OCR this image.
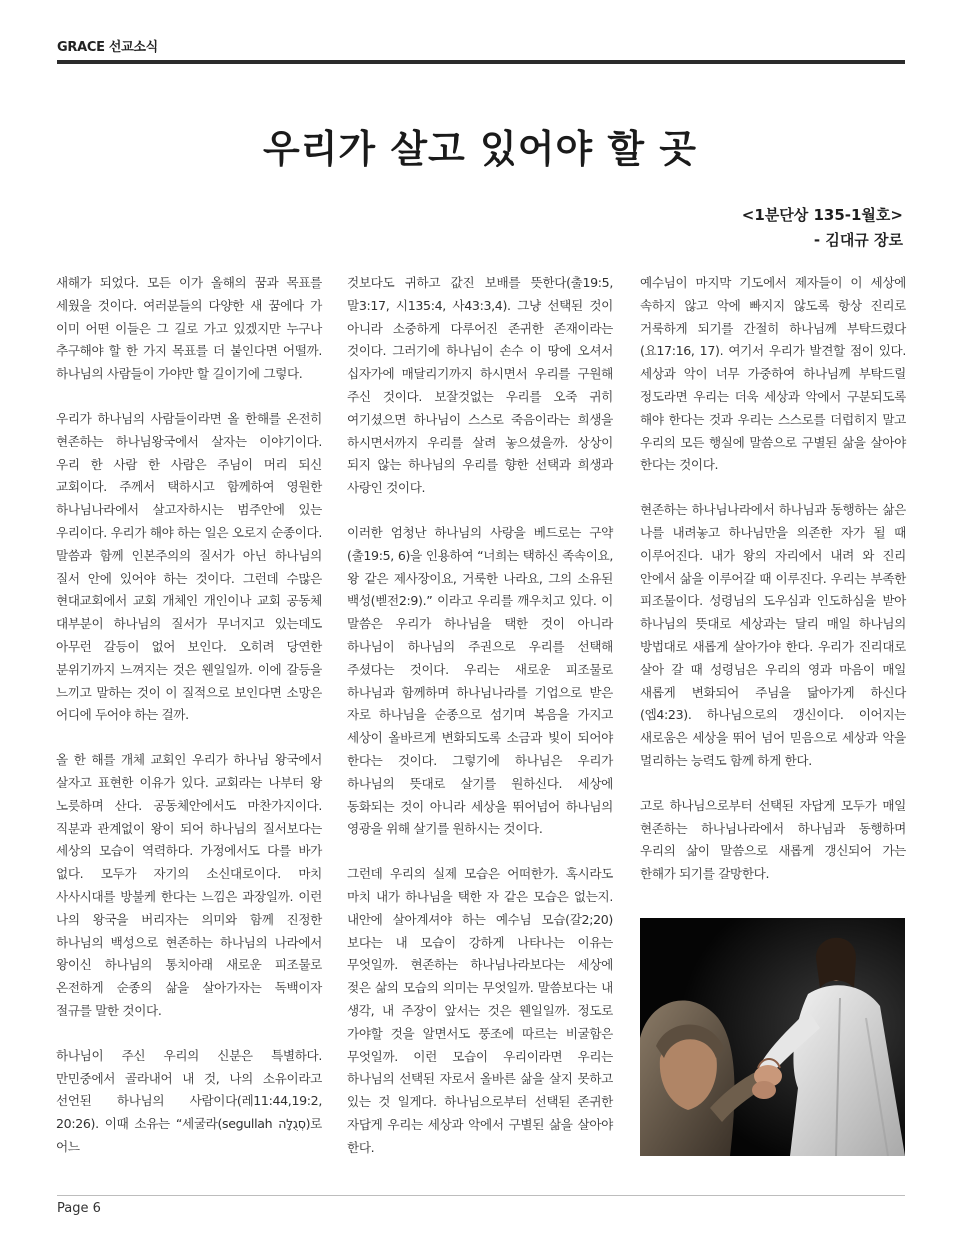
GRACE 선교소식
우리가 살고 있어야 할 곳
<1분단상 135-1월호>
- 김대규 장로

새해가 되었다. 모든 이가 올해의 꿈과 목표를 세웠을 것이다. 여러분들의 다양한 새 꿈에다 가 이미 어떤 이들은 그 길로 가고 있겠지만 누구나 추구해야 할 한 가지 목표를 더 붙인다면 어떨까. 하나님의 사람들이 가야만 할 길이기에 그렇다.

우리가 하나님의 사람들이라면 올 한해를 온전히 현존하는 하나님왕국에서 살자는 이야기이다. 우리 한 사람 한 사람은 주님이 머리 되신 교회이다. 주께서 택하시고 함께하여 영원한 하나님나라에서 살고자하시는 범주안에 있는 우리이다. 우리가 해야 하는 일은 오로지 순종이다. 말씀과 함께 인본주의의 질서가 아닌 하나님의 질서 안에 있어야 하는 것이다. 그런데 수많은 현대교회에서 교회 개체인 개인이나 교회 공동체 대부분이 하나님의 질서가 무너지고 있는데도 아무런 갈등이 없어 보인다. 오히려 당연한 분위기까지 느껴지는 것은 웬일일까. 이에 갈등을 느끼고 말하는 것이 이 질적으로 보인다면 소망은 어디에 두어야 하는 걸까.

올 한 해를 개체 교회인 우리가 하나님 왕국에서 살자고 표현한 이유가 있다. 교회라는 나부터 왕 노릇하며 산다. 공동체안에서도 마찬가지이다. 직분과 관계없이 왕이 되어 하나님의 질서보다는 세상의 모습이 역력하다. 가정에서도 다를 바가 없다. 모두가 자기의 소신대로이다. 마치 사사시대를 방불케 한다는 느낌은 과장일까. 이런 나의 왕국을 버리자는 의미와 함께 진정한 하나님의 백성으로 현존하는 하나님의 나라에서 왕이신 하나님의 통치아래 새로운 피조물로 온전하게 순종의 삶을 살아가자는 독백이자 절규를 말한 것이다.

하나님이 주신 우리의 신분은 특별하다. 만민중에서 골라내어 내 것, 나의 소유이라고 선언된 하나님의 사람이다(레11:44,19:2, 20:26). 이때 소유는 “세굴라(segullah סְגֻלָּה)로 어느

것보다도 귀하고 값진 보배를 뜻한다(출19:5, 말3:17, 시135:4, 사43:3,4). 그냥 선택된 것이 아니라 소중하게 다루어진 존귀한 존재이라는 것이다. 그러기에 하나님이 손수 이 땅에 오셔서 십자가에 매달리기까지 하시면서 우리를 구원해 주신 것이다. 보잘것없는 우리를 오죽 귀히 여기셨으면 하나님이 스스로 죽음이라는 희생을 하시면서까지 우리를 살려 놓으셨을까. 상상이 되지 않는 하나님의 우리를 향한 선택과 희생과 사랑인 것이다.

이러한 엄청난 하나님의 사랑을 베드로는 구약(출19:5, 6)을 인용하여 “너희는 택하신 족속이요, 왕 같은 제사장이요, 거룩한 나라요, 그의 소유된 백성(벧전2:9).” 이라고 우리를 깨우치고 있다. 이 말씀은 우리가 하나님을 택한 것이 아니라 하나님이 하나님의 주권으로 우리를 선택해 주셨다는 것이다. 우리는 새로운 피조물로 하나님과 함께하며 하나님나라를 기업으로 받은 자로 하나님을 순종으로 섬기며 복음을 가지고 세상이 올바르게 변화되도록 소금과 빛이 되어야 한다는 것이다. 그렇기에 하나님은 우리가 하나님의 뜻대로 살기를 원하신다. 세상에 동화되는 것이 아니라 세상을 뛰어넘어 하나님의 영광을 위해 살기를 원하시는 것이다.

그런데 우리의 실제 모습은 어떠한가. 혹시라도 마치 내가 하나님을 택한 자 같은 모습은 없는지. 내안에 살아계셔야 하는 예수님 모습(갈2;20)보다는 내 모습이 강하게 나타나는 이유는 무엇일까. 현존하는 하나님나라보다는 세상에 젖은 삶의 모습의 의미는 무엇일까. 말씀보다는 내 생각, 내 주장이 앞서는 것은 웬일일까. 정도로 가야할 것을 알면서도 풍조에 따르는 비굴함은 무엇일까. 이런 모습이 우리이라면 우리는 하나님의 선택된 자로서 올바른 삶을 살지 못하고 있는 것 일게다. 하나님으로부터 선택된 존귀한 자답게 우리는 세상과 악에서 구별된 삶을 살아야 한다.

예수님이 마지막 기도에서 제자들이 이 세상에 속하지 않고 악에 빠지지 않도록 항상 진리로 거룩하게 되기를 간절히 하나님께 부탁드렸다(요17:16, 17). 여기서 우리가 발견할 점이 있다. 세상과 악이 너무 가중하여 하나님께 부탁드릴 정도라면 우리는 더욱 세상과 악에서 구분되도록 해야 한다는 것과 우리는 스스로를 더럽히지 말고 우리의 모든 행실에 말씀으로 구별된 삶을 살아야 한다는 것이다.

현존하는 하나님나라에서 하나님과 동행하는 삶은 나를 내려놓고 하나님만을 의존한 자가 될 때 이루어진다. 내가 왕의 자리에서 내려 와 진리 안에서 삶을 이루어갈 때 이루진다. 우리는 부족한 피조물이다. 성령님의 도우심과 인도하심을 받아 하나님의 뜻대로 세상과는 달리 매일 하나님의 방법대로 새롭게 살아가야 한다. 우리가 진리대로 살아 갈 때 성령님은 우리의 영과 마음이 매일 새롭게 변화되어 주님을 닮아가게 하신다(엡4:23). 하나님으로의 갱신이다. 이어지는 새로움은 세상을 뛰어 넘어 믿음으로 세상과 악을 멀리하는 능력도 함께 하게 한다.

고로 하나님으로부터 선택된 자답게 모두가 매일 현존하는 하나님나라에서 하나님과 동행하며 우리의 삶이 말씀으로 새롭게 갱신되어 가는 한해가 되기를 갈망한다.

Page 6
